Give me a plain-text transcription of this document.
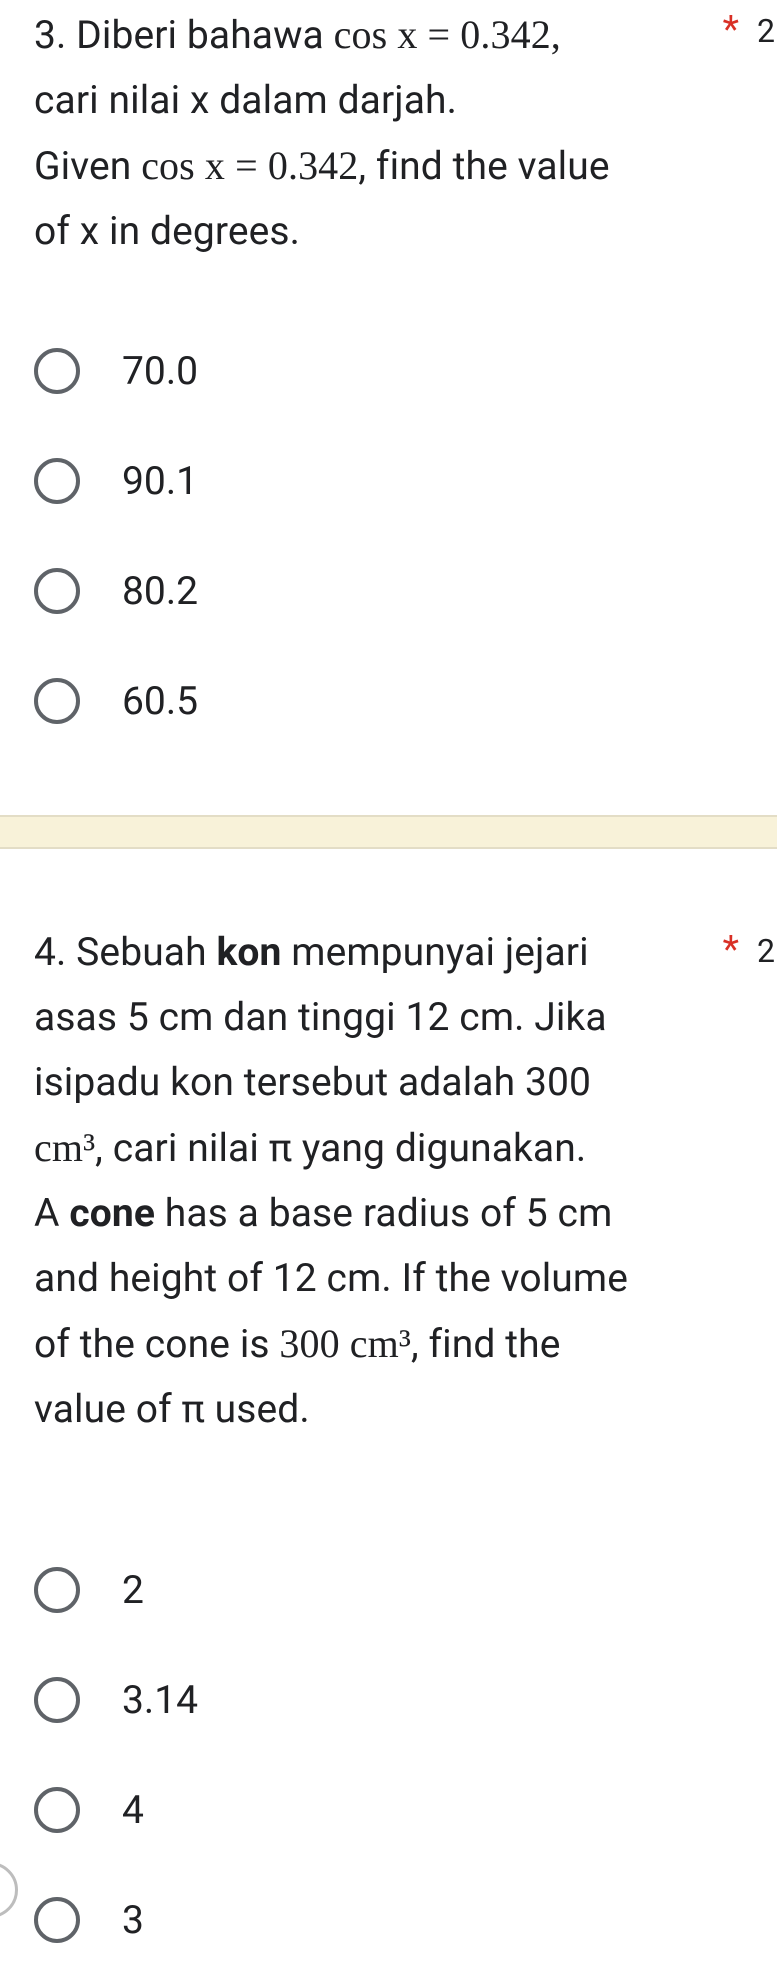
* 2
3. Diberi bahawa cos x = 0.342,
cari nilai x dalam darjah.
Given cos x = 0.342, find the value
of x in degrees.
70.0
90.1
80.2
60.5
* 2
4. Sebuah kon mempunyai jejari
asas 5 cm dan tinggi 12 cm. Jika
isipadu kon tersebut adalah 300
cm³, cari nilai π yang digunakan.
A cone has a base radius of 5 cm
and height of 12 cm. If the volume
of the cone is 300 cm³, find the
value of π used.
2
3.14
4
3
